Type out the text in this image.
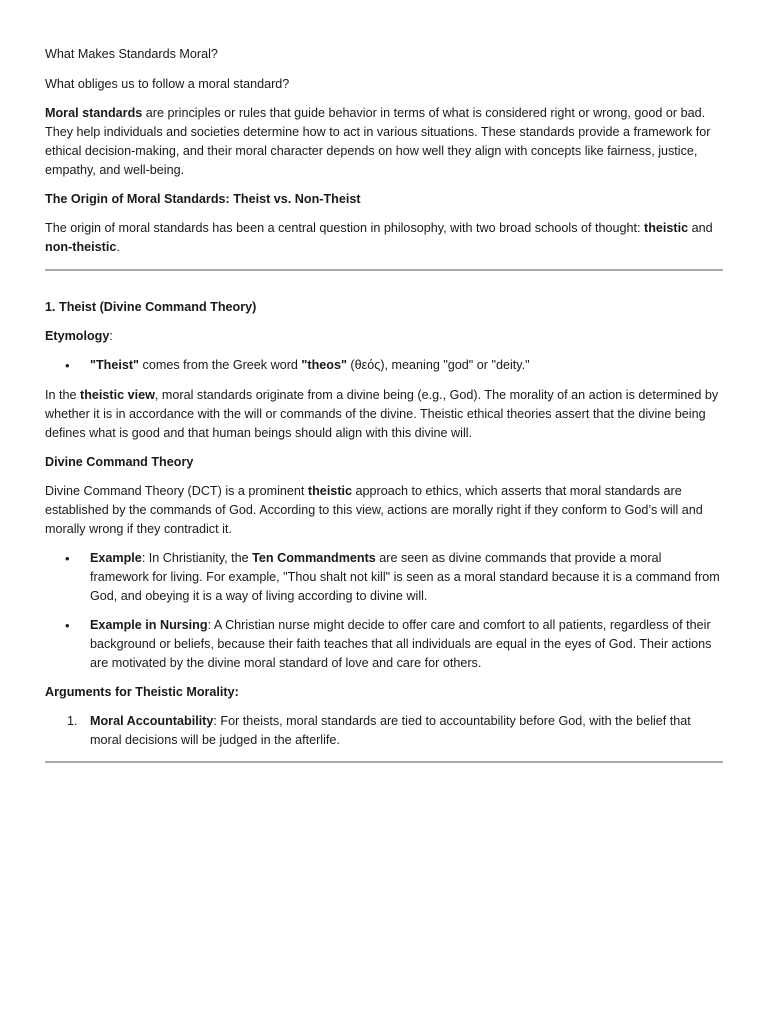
What Makes Standards Moral?

What obliges us to follow a moral standard?

Moral standards are principles or rules that guide behavior in terms of what is considered right or wrong, good or bad. They help individuals and societies determine how to act in various situations. These standards provide a framework for ethical decision-making, and their moral character depends on how well they align with concepts like fairness, justice, empathy, and well-being.

The Origin of Moral Standards: Theist vs. Non-Theist

The origin of moral standards has been a central question in philosophy, with two broad schools of thought: theistic and non-theistic.

1. Theist (Divine Command Theory)

Etymology:

• "Theist" comes from the Greek word "theos" (θεός), meaning "god" or "deity."

In the theistic view, moral standards originate from a divine being (e.g., God). The morality of an action is determined by whether it is in accordance with the will or commands of the divine. Theistic ethical theories assert that the divine being defines what is good and that human beings should align with this divine will.

Divine Command Theory

Divine Command Theory (DCT) is a prominent theistic approach to ethics, which asserts that moral standards are established by the commands of God. According to this view, actions are morally right if they conform to God’s will and morally wrong if they contradict it.

• Example: In Christianity, the Ten Commandments are seen as divine commands that provide a moral framework for living. For example, "Thou shalt not kill" is seen as a moral standard because it is a command from God, and obeying it is a way of living according to divine will.
• Example in Nursing: A Christian nurse might decide to offer care and comfort to all patients, regardless of their background or beliefs, because their faith teaches that all individuals are equal in the eyes of God. Their actions are motivated by the divine moral standard of love and care for others.

Arguments for Theistic Morality:

1. Moral Accountability: For theists, moral standards are tied to accountability before God, with the belief that moral decisions will be judged in the afterlife.
